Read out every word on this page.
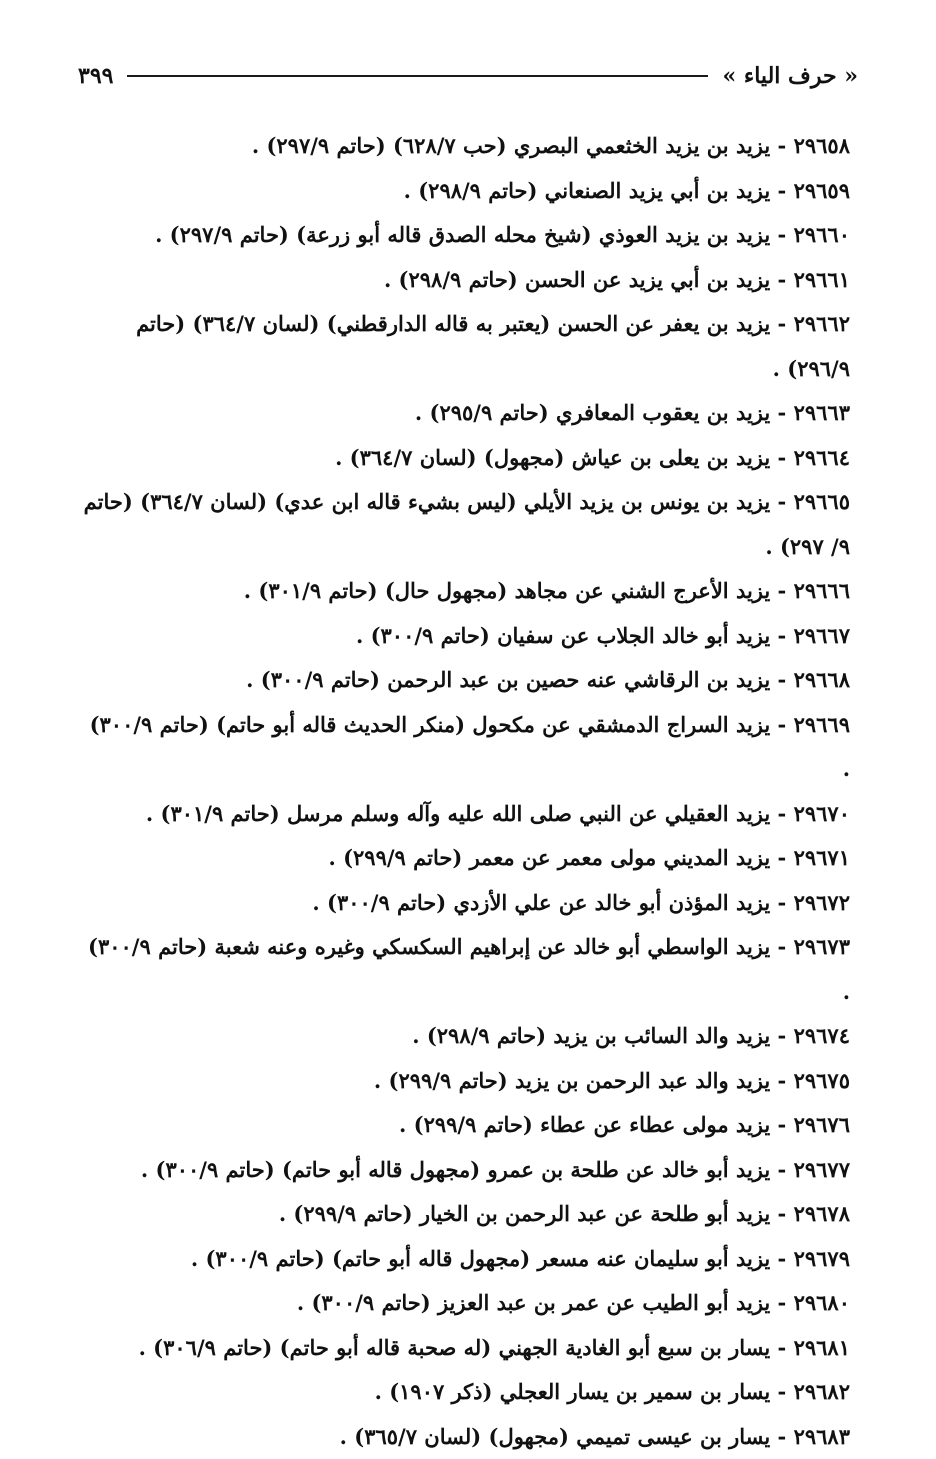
« حرف الياء »
٣٩٩

٢٩٦٥٨ - يزيد بن يزيد الخثعمي البصري (حب ٦٢٨/٧) (حاتم ٢٩٧/٩) .

٢٩٦٥٩ - يزيد بن أبي يزيد الصنعاني (حاتم ٢٩٨/٩) .

٢٩٦٦٠ - يزيد بن يزيد العوذي (شيخ محله الصدق قاله أبو زرعة) (حاتم ٢٩٧/٩) .

٢٩٦٦١ - يزيد بن أبي يزيد عن الحسن (حاتم ٢٩٨/٩) .

٢٩٦٦٢ - يزيد بن يعفر عن الحسن (يعتبر به قاله الدارقطني) (لسان ٣٦٤/٧) (حاتم ٢٩٦/٩) .

٢٩٦٦٣ - يزيد بن يعقوب المعافري (حاتم ٢٩٥/٩) .

٢٩٦٦٤ - يزيد بن يعلى بن عياش (مجهول) (لسان ٣٦٤/٧) .

٢٩٦٦٥ - يزيد بن يونس بن يزيد الأيلي (ليس بشيء قاله ابن عدي) (لسان ٣٦٤/٧) (حاتم ٩/ ٢٩٧) .

٢٩٦٦٦ - يزيد الأعرج الشني عن مجاهد (مجهول حال) (حاتم ٣٠١/٩) .

٢٩٦٦٧ - يزيد أبو خالد الجلاب عن سفيان (حاتم ٣٠٠/٩) .

٢٩٦٦٨ - يزيد بن الرقاشي عنه حصين بن عبد الرحمن (حاتم ٣٠٠/٩) .

٢٩٦٦٩ - يزيد السراج الدمشقي عن مكحول (منكر الحديث قاله أبو حاتم) (حاتم ٣٠٠/٩) .

٢٩٦٧٠ - يزيد العقيلي عن النبي صلى الله عليه وآله وسلم مرسل (حاتم ٣٠١/٩) .

٢٩٦٧١ - يزيد المديني مولى معمر عن معمر (حاتم ٢٩٩/٩) .

٢٩٦٧٢ - يزيد المؤذن أبو خالد عن علي الأزدي (حاتم ٣٠٠/٩) .

٢٩٦٧٣ - يزيد الواسطي أبو خالد عن إبراهيم السكسكي وغيره وعنه شعبة (حاتم ٣٠٠/٩) .

٢٩٦٧٤ - يزيد والد السائب بن يزيد (حاتم ٢٩٨/٩) .

٢٩٦٧٥ - يزيد والد عبد الرحمن بن يزيد (حاتم ٢٩٩/٩) .

٢٩٦٧٦ - يزيد مولى عطاء عن عطاء (حاتم ٢٩٩/٩) .

٢٩٦٧٧ - يزيد أبو خالد عن طلحة بن عمرو (مجهول قاله أبو حاتم) (حاتم ٣٠٠/٩) .

٢٩٦٧٨ - يزيد أبو طلحة عن عبد الرحمن بن الخيار (حاتم ٢٩٩/٩) .

٢٩٦٧٩ - يزيد أبو سليمان عنه مسعر (مجهول قاله أبو حاتم) (حاتم ٣٠٠/٩) .

٢٩٦٨٠ - يزيد أبو الطيب عن عمر بن عبد العزيز (حاتم ٣٠٠/٩) .

٢٩٦٨١ - يسار بن سبع أبو الغادية الجهني (له صحبة قاله أبو حاتم) (حاتم ٣٠٦/٩) .

٢٩٦٨٢ - يسار بن سمير بن يسار العجلي (ذكر ١٩٠٧) .

٢٩٦٨٣ - يسار بن عيسى تميمي (مجهول) (لسان ٣٦٥/٧) .
